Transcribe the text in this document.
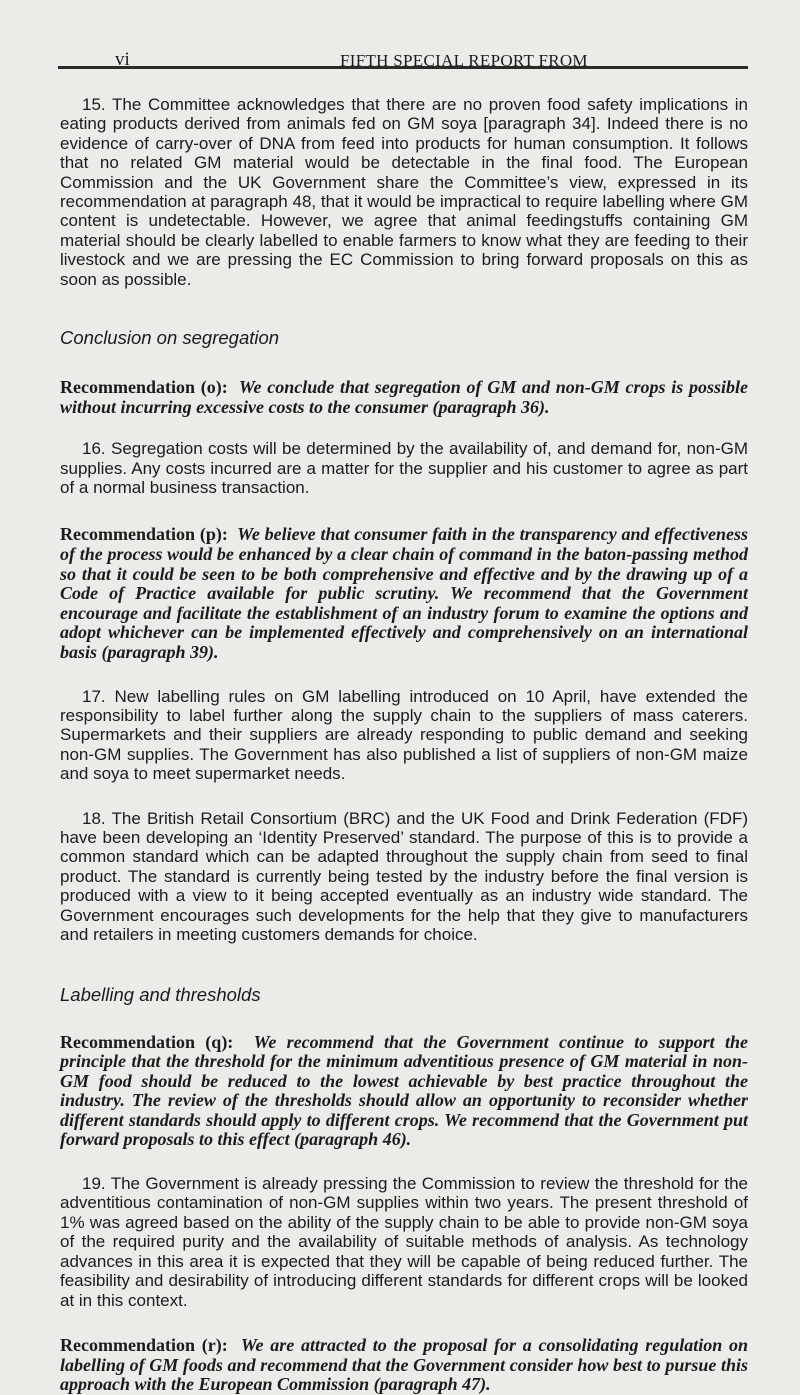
vi	FIFTH SPECIAL REPORT FROM

15. The Committee acknowledges that there are no proven food safety implications in eating products derived from animals fed on GM soya [paragraph 34]. Indeed there is no evidence of carry-over of DNA from feed into products for human consumption. It follows that no related GM material would be detectable in the final food. The European Commission and the UK Government share the Committee’s view, expressed in its recommendation at paragraph 48, that it would be impractical to require labelling where GM content is undetectable. However, we agree that animal feedingstuffs containing GM material should be clearly labelled to enable farmers to know what they are feeding to their livestock and we are pressing the EC Commission to bring forward proposals on this as soon as possible.

Conclusion on segregation

Recommendation (o): We conclude that segregation of GM and non-GM crops is possible without incurring excessive costs to the consumer (paragraph 36).

16. Segregation costs will be determined by the availability of, and demand for, non-GM supplies. Any costs incurred are a matter for the supplier and his customer to agree as part of a normal business transaction.

Recommendation (p): We believe that consumer faith in the transparency and effectiveness of the process would be enhanced by a clear chain of command in the baton-passing method so that it could be seen to be both comprehensive and effective and by the drawing up of a Code of Practice available for public scrutiny. We recommend that the Government encourage and facilitate the establishment of an industry forum to examine the options and adopt whichever can be implemented effectively and comprehensively on an international basis (paragraph 39).

17. New labelling rules on GM labelling introduced on 10 April, have extended the responsibility to label further along the supply chain to the suppliers of mass caterers. Supermarkets and their suppliers are already responding to public demand and seeking non-GM supplies. The Government has also published a list of suppliers of non-GM maize and soya to meet supermarket needs.

18. The British Retail Consortium (BRC) and the UK Food and Drink Federation (FDF) have been developing an ‘Identity Preserved’ standard. The purpose of this is to provide a common standard which can be adapted throughout the supply chain from seed to final product. The standard is currently being tested by the industry before the final version is produced with a view to it being accepted eventually as an industry wide standard. The Government encourages such developments for the help that they give to manufacturers and retailers in meeting customers demands for choice.

Labelling and thresholds

Recommendation (q): We recommend that the Government continue to support the principle that the threshold for the minimum adventitious presence of GM material in non-GM food should be reduced to the lowest achievable by best practice throughout the industry. The review of the thresholds should allow an opportunity to reconsider whether different standards should apply to different crops. We recommend that the Government put forward proposals to this effect (paragraph 46).

19. The Government is already pressing the Commission to review the threshold for the adventitious contamination of non-GM supplies within two years. The present threshold of 1% was agreed based on the ability of the supply chain to be able to provide non-GM soya of the required purity and the availability of suitable methods of analysis. As technology advances in this area it is expected that they will be capable of being reduced further. The feasibility and desirability of introducing different standards for different crops will be looked at in this context.

Recommendation (r): We are attracted to the proposal for a consolidating regulation on labelling of GM foods and recommend that the Government consider how best to pursue this approach with the European Commission (paragraph 47).
